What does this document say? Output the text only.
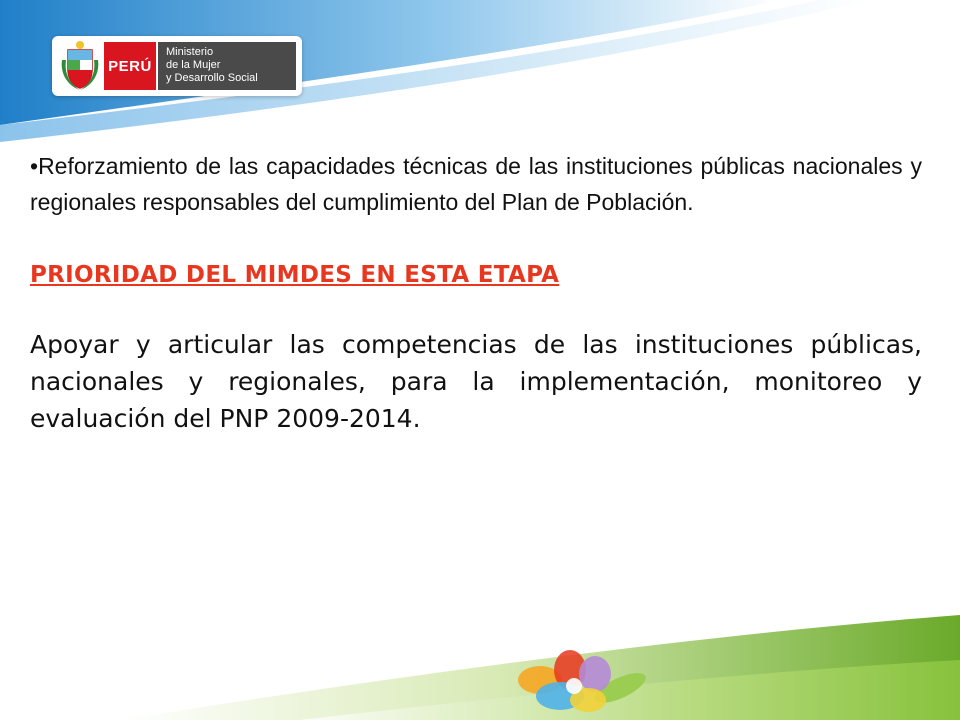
PERÚ
Ministerio
de la Mujer
y Desarrollo Social

•Reforzamiento de las capacidades técnicas de las instituciones públicas nacionales y regionales responsables del cumplimiento del Plan de Población.

PRIORIDAD DEL MIMDES EN ESTA ETAPA

Apoyar y articular las competencias de las instituciones públicas, nacionales y regionales, para la implementación, monitoreo y evaluación del PNP 2009-2014.
